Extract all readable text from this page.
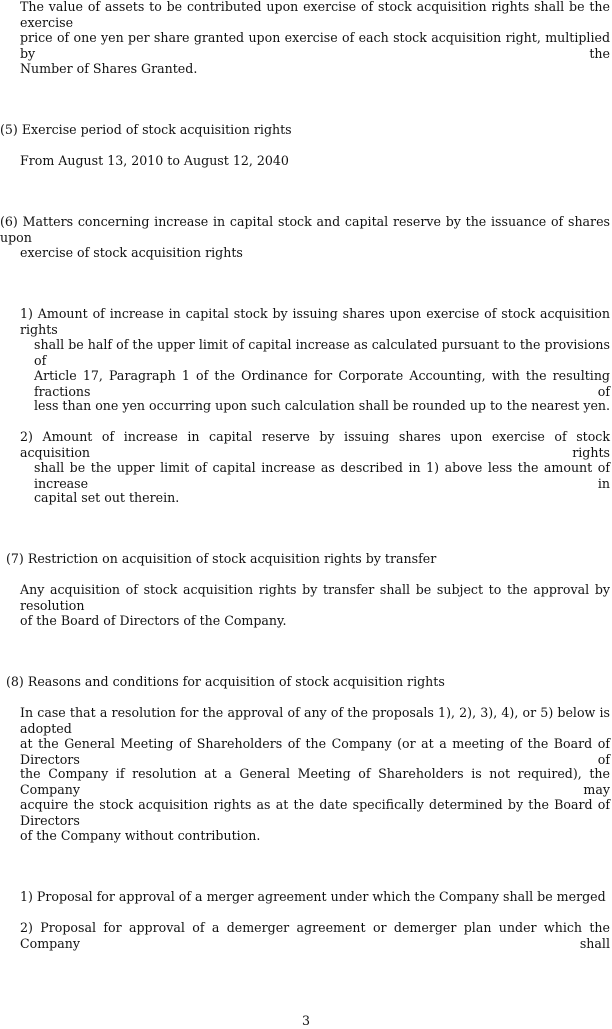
The value of assets to be contributed upon exercise of stock acquisition rights shall be the exercise
price of one yen per share granted upon exercise of each stock acquisition right, multiplied by the
Number of Shares Granted.
(5) Exercise period of stock acquisition rights
From August 13, 2010 to August 12, 2040
(6) Matters concerning increase in capital stock and capital reserve by the issuance of shares upon
exercise of stock acquisition rights
1) Amount of increase in capital stock by issuing shares upon exercise of stock acquisition rights
shall be half of the upper limit of capital increase as calculated pursuant to the provisions of
Article 17, Paragraph 1 of the Ordinance for Corporate Accounting, with the resulting fractions of
less than one yen occurring upon such calculation shall be rounded up to the nearest yen.
2) Amount of increase in capital reserve by issuing shares upon exercise of stock acquisition rights
shall be the upper limit of capital increase as described in 1) above less the amount of increase in
capital set out therein.
(7) Restriction on acquisition of stock acquisition rights by transfer
Any acquisition of stock acquisition rights by transfer shall be subject to the approval by resolution
of the Board of Directors of the Company.
(8) Reasons and conditions for acquisition of stock acquisition rights
In case that a resolution for the approval of any of the proposals 1), 2), 3), 4), or 5) below is adopted
at the General Meeting of Shareholders of the Company (or at a meeting of the Board of Directors of
the Company if resolution at a General Meeting of Shareholders is not required), the Company may
acquire the stock acquisition rights as at the date specifically determined by the Board of Directors
of the Company without contribution.
1) Proposal for approval of a merger agreement under which the Company shall be merged
2) Proposal for approval of a demerger agreement or demerger plan under which the Company shall
3
